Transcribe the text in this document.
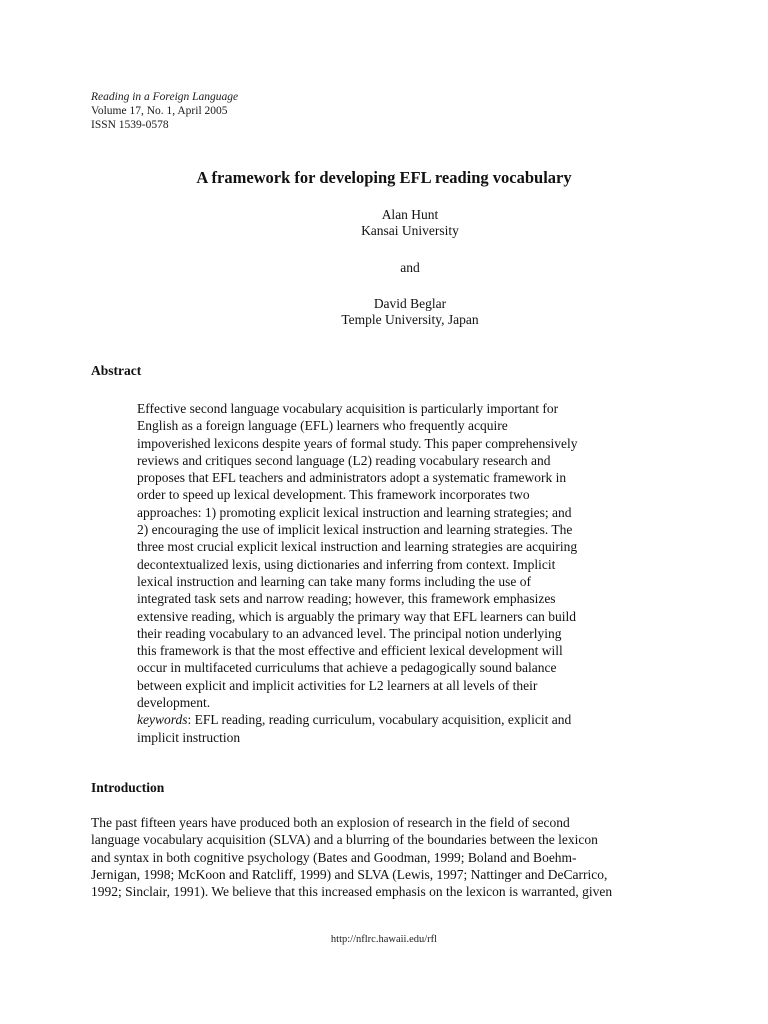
Reading in a Foreign Language
Volume 17, No. 1, April 2005
ISSN 1539-0578
A framework for developing EFL reading vocabulary
Alan Hunt
Kansai University
and
David Beglar
Temple University, Japan
Abstract
Effective second language vocabulary acquisition is particularly important for
English as a foreign language (EFL) learners who frequently acquire
impoverished lexicons despite years of formal study. This paper comprehensively
reviews and critiques second language (L2) reading vocabulary research and
proposes that EFL teachers and administrators adopt a systematic framework in
order to speed up lexical development. This framework incorporates two
approaches: 1) promoting explicit lexical instruction and learning strategies; and
2) encouraging the use of implicit lexical instruction and learning strategies. The
three most crucial explicit lexical instruction and learning strategies are acquiring
decontextualized lexis, using dictionaries and inferring from context. Implicit
lexical instruction and learning can take many forms including the use of
integrated task sets and narrow reading; however, this framework emphasizes
extensive reading, which is arguably the primary way that EFL learners can build
their reading vocabulary to an advanced level. The principal notion underlying
this framework is that the most effective and efficient lexical development will
occur in multifaceted curriculums that achieve a pedagogically sound balance
between explicit and implicit activities for L2 learners at all levels of their
development.
keywords: EFL reading, reading curriculum, vocabulary acquisition, explicit and
implicit instruction
Introduction
The past fifteen years have produced both an explosion of research in the field of second
language vocabulary acquisition (SLVA) and a blurring of the boundaries between the lexicon
and syntax in both cognitive psychology (Bates and Goodman, 1999; Boland and Boehm-
Jernigan, 1998; McKoon and Ratcliff, 1999) and SLVA (Lewis, 1997; Nattinger and DeCarrico,
1992; Sinclair, 1991). We believe that this increased emphasis on the lexicon is warranted, given
http://nflrc.hawaii.edu/rfl
